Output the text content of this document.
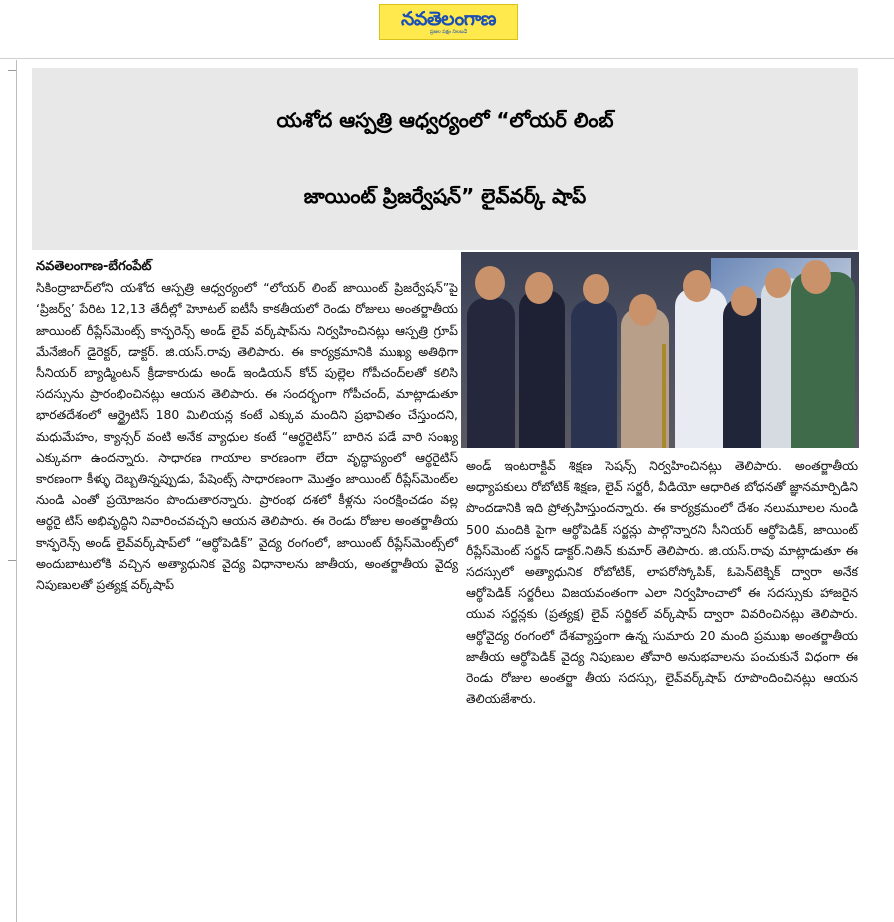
నవతెలంగాణ
ప్రజల పక్షం నిలబడే
యశోద ఆస్పత్రి ఆధ్వర్యంలో “లోయర్ లింబ్
జాయింట్ ప్రిజర్వేషన్” లైవ్‌వర్క్ షాప్
నవతెలంగాణ-బేగంపేట్
సికింద్రాబాద్‌లోని యశోద ఆస్పత్రి ఆధ్వర్యంలో “లోయర్ లింబ్ జాయింట్ ప్రిజర్వేషన్”పై ‘ప్రిజర్వ్’ పేరిట 12,13 తేదీల్లో హెూటల్ ఐటీసీ కాకతీయలో రెండు రోజులు అంతర్జాతీయ జాయింట్ రీప్లేస్‌మెంట్స్ కాన్ఫరెన్స్ అండ్ లైవ్ వర్క్‌షాప్‌ను నిర్వహించినట్లు ఆస్పత్రి గ్రూప్ మేనేజింగ్ డైరెక్టర్, డాక్టర్. జి.యస్.రావు తెలిపారు. ఈ కార్యక్రమానికి ముఖ్య అతిథిగా సీనియర్ బ్యాడ్మింటన్ క్రీడాకారుడు అండ్ ఇండియన్ కోచ్ పుల్లెల గోపీచంద్‌లతో కలిసి సదస్సును ప్రారంభించినట్లు ఆయన తెలిపారు. ఈ సందర్భంగా గోపీచంద్, మాట్లాడుతూ భారతదేశంలో ఆర్థ్రైటిస్ 180 మిలియన్ల కంటే ఎక్కువ మందిని ప్రభావితం చేస్తుందని, మధుమేహం, క్యాన్సర్ వంటి అనేక వ్యాధుల కంటే “ఆర్థరైటిస్” బారిన పడే వారి సంఖ్య ఎక్కువగా ఉందన్నారు. సాధారణ గాయాల కారణంగా లేదా వృద్ధాప్యంలో ఆర్థరైటిస్ కారణంగా కీళ్ళు దెబ్బతిన్నప్పుడు, పేషెంట్స్ సాధారణంగా మొత్తం జాయింట్ రీప్లేస్‌మెంట్‌ల నుండి ఎంతో ప్రయోజనం పొందుతారన్నారు. ప్రారంభ దశలో కీళ్లను సంరక్షించడం వల్ల ఆర్థరై టిస్ అభివృద్ధిని నివారించవచ్చని ఆయన తెలిపారు. ఈ రెండు రోజుల అంతర్జాతీయ కాన్ఫరెన్స్ అండ్ లైవ్‌వర్క్‌షాప్‌లో “ఆర్థోపెడిక్” వైద్య రంగంలో, జాయింట్ రీప్లేస్‌మెంట్స్‌లో అందుబాటులోకి వచ్చిన అత్యాధునిక వైద్య విధానాలను జాతీయ, అంతర్జాతీయ వైద్య నిపుణులతో ప్రత్యక్ష వర్క్‌షాప్
అండ్ ఇంటరాక్టివ్ శిక్షణ సెషన్స్ నిర్వహించినట్లు తెలిపారు. అంతర్జాతీయ అధ్యాపకులు రోబోటిక్ శిక్షణ, లైవ్ సర్జరీ, వీడియో ఆధారిత బోధనతో జ్ఞానమార్పిడిని పొందడానికి ఇది ప్రోత్సహిస్తుందన్నారు. ఈ కార్యక్రమంలో దేశం నలుమూలల నుండి 500 మందికి పైగా ఆర్థోపెడిక్ సర్జన్లు పాల్గొన్నారని సీనియర్ ఆర్థోపెడిక్, జాయింట్ రీప్లేస్‌మెంట్ సర్జన్ డాక్టర్.నితిన్ కుమార్ తెలిపారు. జి.యస్.రావు మాట్లాడుతూ ఈ సదస్సులో అత్యాధునిక రోబోటిక్, లాపరోస్కోపిక్, ఓపెన్‌టెక్నిక్ ద్వారా అనేక ఆర్థోపెడిక్ సర్జరీలు విజయవంతంగా ఎలా నిర్వహించాలో ఈ సదస్సుకు హాజరైన యువ సర్జన్లకు (ప్రత్యక్ష) లైవ్ సర్జికల్ వర్క్‌షాప్ ద్వారా వివరించినట్లు తెలిపారు. ఆర్థోవైద్య రంగంలో దేశవ్యాప్తంగా ఉన్న సుమారు 20 మంది ప్రముఖ అంతర్జాతీయ జాతీయ ఆర్థోపెడిక్ వైద్య నిపుణుల తోవారి అనుభవాలను పంచుకునే విధంగా ఈ రెండు రోజుల అంతర్జా తీయ సదస్సు, లైవ్‌వర్క్‌షాప్ రూపొందించినట్లు ఆయన తెలియజేశారు.
